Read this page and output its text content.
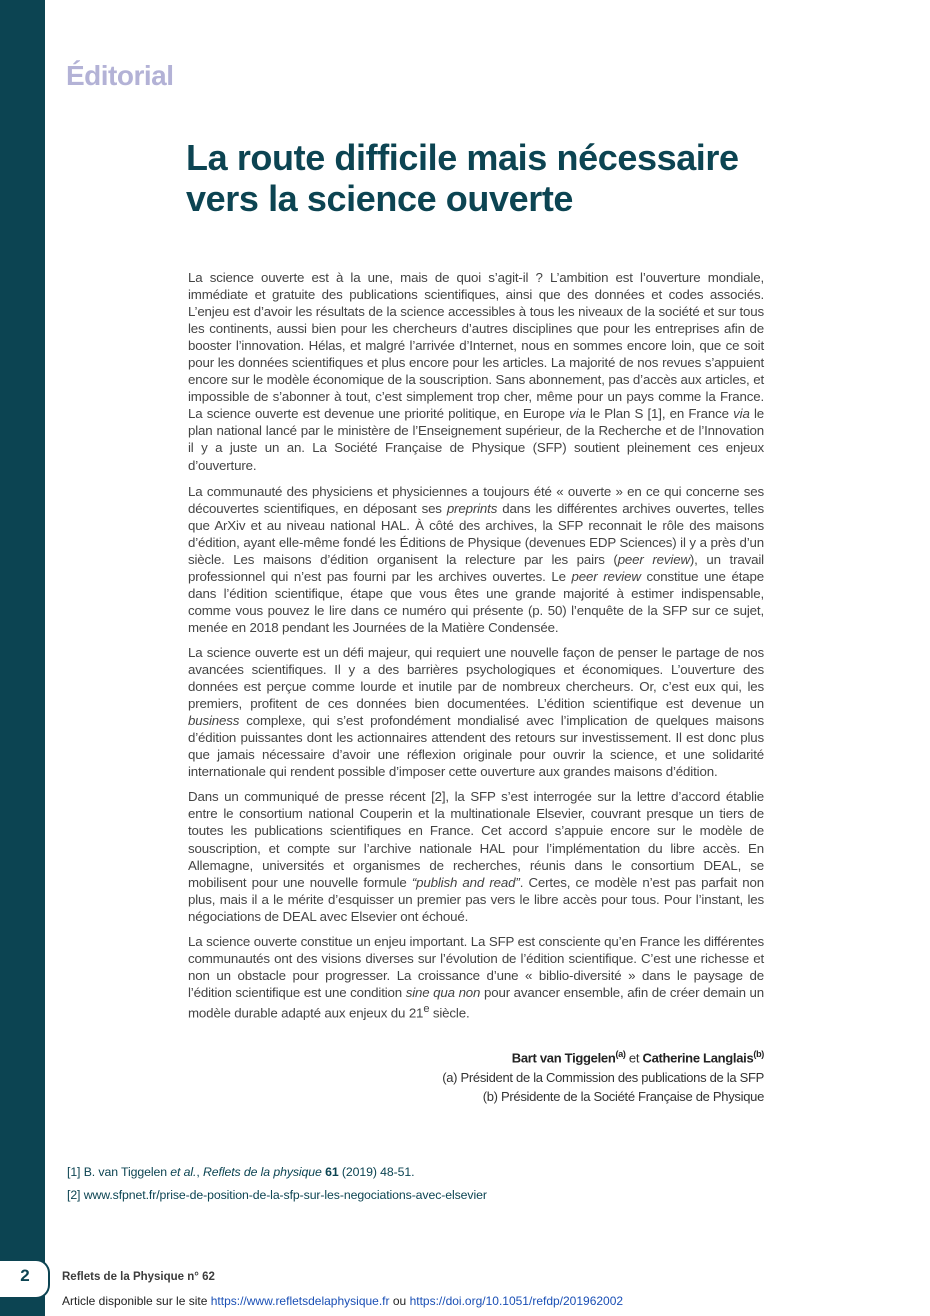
Éditorial
La route difficile mais nécessaire
vers la science ouverte

La science ouverte est à la une, mais de quoi s’agit-il ? L’ambition est l’ouverture mondiale, immédiate et gratuite des publications scientifiques, ainsi que des données et codes associés. L’enjeu est d’avoir les résultats de la science accessibles à tous les niveaux de la société et sur tous les continents, aussi bien pour les chercheurs d’autres disciplines que pour les entreprises afin de booster l’innovation. Hélas, et malgré l’arrivée d’Internet, nous en sommes encore loin, que ce soit pour les données scientifiques et plus encore pour les articles. La majorité de nos revues s’appuient encore sur le modèle économique de la souscription. Sans abonnement, pas d’accès aux articles, et impossible de s’abonner à tout, c’est simplement trop cher, même pour un pays comme la France. La science ouverte est devenue une priorité politique, en Europe via le Plan S [1], en France via le plan national lancé par le ministère de l’Enseignement supérieur, de la Recherche et de l’Innovation il y a juste un an. La Société Française de Physique (SFP) soutient pleinement ces enjeux d’ouverture.

La communauté des physiciens et physiciennes a toujours été « ouverte » en ce qui concerne ses découvertes scientifiques, en déposant ses preprints dans les différentes archives ouvertes, telles que ArXiv et au niveau national HAL. À côté des archives, la SFP reconnait le rôle des maisons d’édition, ayant elle-même fondé les Éditions de Physique (devenues EDP Sciences) il y a près d’un siècle. Les maisons d’édition organisent la relecture par les pairs (peer review), un travail professionnel qui n’est pas fourni par les archives ouvertes. Le peer review constitue une étape dans l’édition scientifique, étape que vous êtes une grande majorité à estimer indispensable, comme vous pouvez le lire dans ce numéro qui présente (p. 50) l’enquête de la SFP sur ce sujet, menée en 2018 pendant les Journées de la Matière Condensée.

La science ouverte est un défi majeur, qui requiert une nouvelle façon de penser le partage de nos avancées scientifiques. Il y a des barrières psychologiques et économiques. L’ouverture des données est perçue comme lourde et inutile par de nombreux chercheurs. Or, c’est eux qui, les premiers, profitent de ces données bien documentées. L’édition scientifique est devenue un business complexe, qui s’est profondément mondialisé avec l’implication de quelques maisons d’édition puissantes dont les actionnaires attendent des retours sur investissement. Il est donc plus que jamais nécessaire d’avoir une réflexion originale pour ouvrir la science, et une solidarité internationale qui rendent possible d’imposer cette ouverture aux grandes maisons d’édition.

Dans un communiqué de presse récent [2], la SFP s’est interrogée sur la lettre d’accord établie entre le consortium national Couperin et la multinationale Elsevier, couvrant presque un tiers de toutes les publications scientifiques en France. Cet accord s’appuie encore sur le modèle de souscription, et compte sur l’archive nationale HAL pour l’implémentation du libre accès. En Allemagne, universités et organismes de recherches, réunis dans le consortium DEAL, se mobilisent pour une nouvelle formule “publish and read”. Certes, ce modèle n’est pas parfait non plus, mais il a le mérite d’esquisser un premier pas vers le libre accès pour tous. Pour l’instant, les négociations de DEAL avec Elsevier ont échoué.

La science ouverte constitue un enjeu important. La SFP est consciente qu’en France les différentes communautés ont des visions diverses sur l’évolution de l’édition scientifique. C’est une richesse et non un obstacle pour progresser. La croissance d’une « biblio-diversité » dans le paysage de l’édition scientifique est une condition sine qua non pour avancer ensemble, afin de créer demain un modèle durable adapté aux enjeux du 21e siècle.

Bart van Tiggelen$^{(a)}$ et Catherine Langlais$^{(b)}$
(a) Président de la Commission des publications de la SFP
(b) Présidente de la Société Française de Physique
[1] B. van Tiggelen et al., Reflets de la physique 61 (2019) 48-51.
[2] www.sfpnet.fr/prise-de-position-de-la-sfp-sur-les-negociations-avec-elsevier
2	Reflets de la Physique n° 62
Article disponible sur le site https://www.refletsdelaphysique.fr ou https://doi.org/10.1051/refdp/201962002
